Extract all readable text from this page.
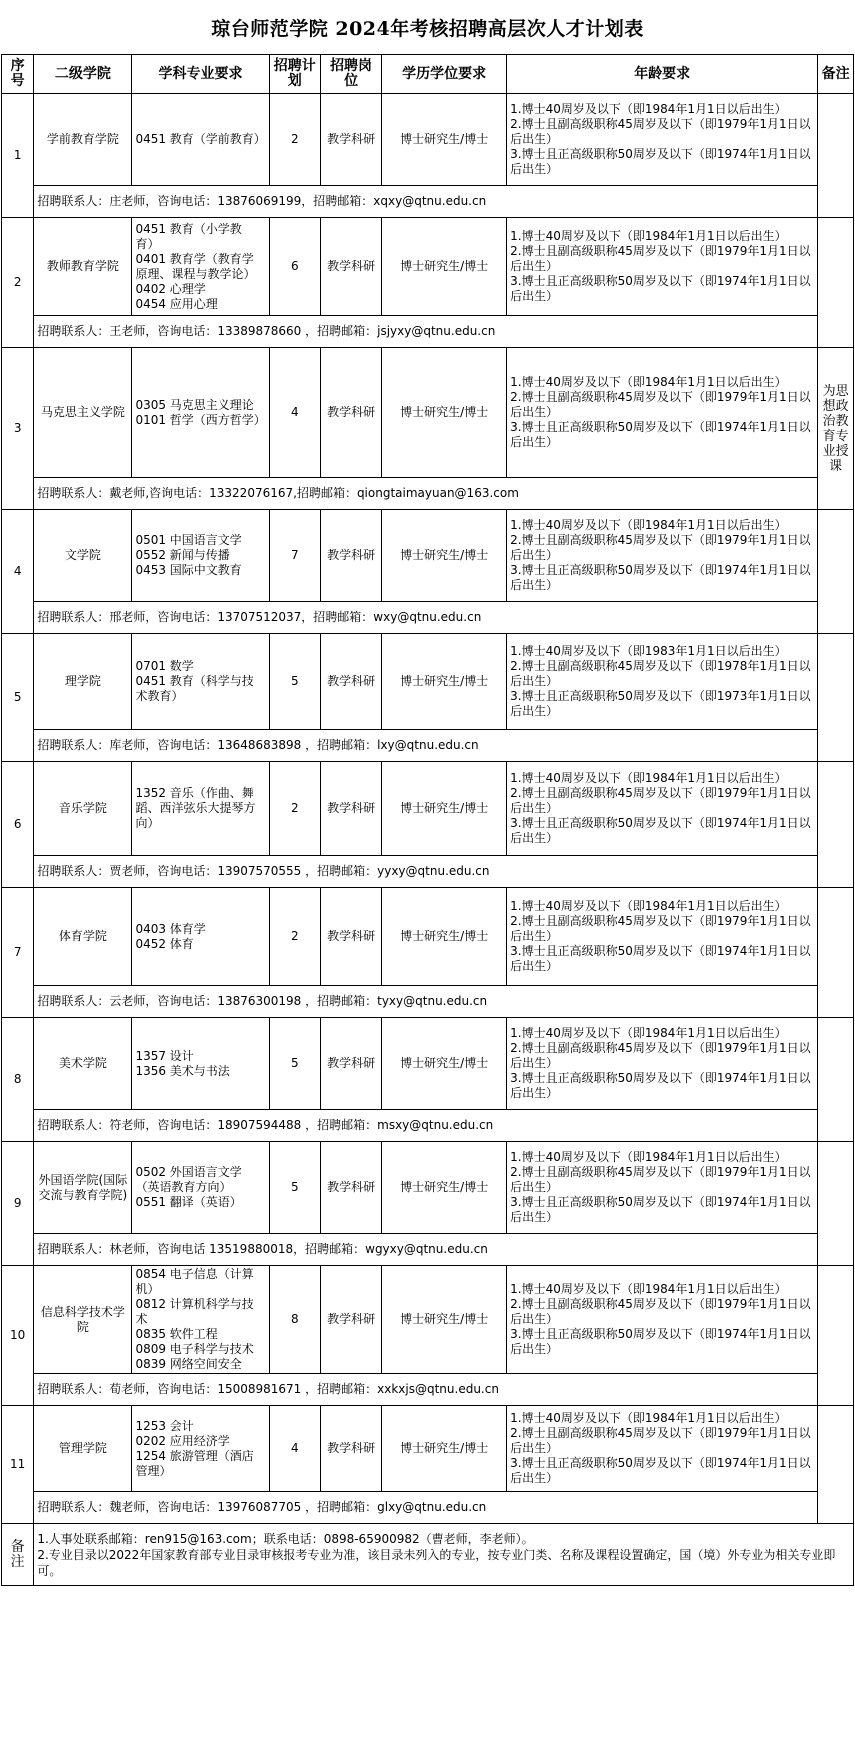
琼台师范学院 2024年考核招聘高层次人才计划表
序号	二级学院	学科专业要求	招聘计划	招聘岗位	学历学位要求	年龄要求	备注
1	学前教育学院	0451 教育（学前教育）	2	教学科研	博士研究生/博士	1.博士40周岁及以下（即1984年1月1日以后出生）
2.博士且副高级职称45周岁及以下（即1979年1月1日以后出生）
3.博士且正高级职称50周岁及以下（即1974年1月1日以后出生）	
	招聘联系人：庄老师，咨询电话：13876069199，招聘邮箱：xqxy@qtnu.edu.cn						
2	教师教育学院	0451 教育（小学教育）
0401 教育学（教育学原理、课程与教学论）
0402 心理学
0454 应用心理	6	教学科研	博士研究生/博士	1.博士40周岁及以下（即1984年1月1日以后出生）
2.博士且副高级职称45周岁及以下（即1979年1月1日以后出生）
3.博士且正高级职称50周岁及以下（即1974年1月1日以后出生）	
	招聘联系人：王老师，咨询电话：13389878660 ，招聘邮箱：jsjyxy@qtnu.edu.cn						
3	马克思主义学院	0305 马克思主义理论
0101 哲学（西方哲学）	4	教学科研	博士研究生/博士	1.博士40周岁及以下（即1984年1月1日以后出生）
2.博士且副高级职称45周岁及以下（即1979年1月1日以后出生）
3.博士且正高级职称50周岁及以下（即1974年1月1日以后出生）	为思想政治教育专业授课
	招聘联系人：戴老师,咨询电话：13322076167,招聘邮箱：qiongtaimayuan@163.com						
4	文学院	0501 中国语言文学
0552 新闻与传播
0453 国际中文教育	7	教学科研	博士研究生/博士	1.博士40周岁及以下（即1984年1月1日以后出生）
2.博士且副高级职称45周岁及以下（即1979年1月1日以后出生）
3.博士且正高级职称50周岁及以下（即1974年1月1日以后出生）	
	招聘联系人：邢老师，咨询电话：13707512037，招聘邮箱：wxy@qtnu.edu.cn						
5	理学院	0701 数学
0451 教育（科学与技术教育）	5	教学科研	博士研究生/博士	1.博士40周岁及以下（即1983年1月1日以后出生）
2.博士且副高级职称45周岁及以下（即1978年1月1日以后出生）
3.博士且正高级职称50周岁及以下（即1973年1月1日以后出生）	
	招聘联系人：库老师，咨询电话：13648683898 ，招聘邮箱：lxy@qtnu.edu.cn						
6	音乐学院	1352 音乐（作曲、舞蹈、西洋弦乐大提琴方向）	2	教学科研	博士研究生/博士	1.博士40周岁及以下（即1984年1月1日以后出生）
2.博士且副高级职称45周岁及以下（即1979年1月1日以后出生）
3.博士且正高级职称50周岁及以下（即1974年1月1日以后出生）	
	招聘联系人：贾老师，咨询电话：13907570555 ，招聘邮箱：yyxy@qtnu.edu.cn						
7	体育学院	0403 体育学
0452 体育	2	教学科研	博士研究生/博士	1.博士40周岁及以下（即1984年1月1日以后出生）
2.博士且副高级职称45周岁及以下（即1979年1月1日以后出生）
3.博士且正高级职称50周岁及以下（即1974年1月1日以后出生）	
	招聘联系人：云老师，咨询电话：13876300198 ，招聘邮箱：tyxy@qtnu.edu.cn						
8	美术学院	1357 设计
1356 美术与书法	5	教学科研	博士研究生/博士	1.博士40周岁及以下（即1984年1月1日以后出生）
2.博士且副高级职称45周岁及以下（即1979年1月1日以后出生）
3.博士且正高级职称50周岁及以下（即1974年1月1日以后出生）	
	招聘联系人：符老师，咨询电话：18907594488 ，招聘邮箱：msxy@qtnu.edu.cn						
9	外国语学院(国际交流与教育学院)	0502 外国语言文学（英语教育方向）
0551 翻译（英语）	5	教学科研	博士研究生/博士	1.博士40周岁及以下（即1984年1月1日以后出生）
2.博士且副高级职称45周岁及以下（即1979年1月1日以后出生）
3.博士且正高级职称50周岁及以下（即1974年1月1日以后出生）	
	招聘联系人：林老师，咨询电话 13519880018，招聘邮箱：wgyxy@qtnu.edu.cn						
10	信息科学技术学院	0854 电子信息（计算机）
0812 计算机科学与技术
0835 软件工程
0809 电子科学与技术
0839 网络空间安全	8	教学科研	博士研究生/博士	1.博士40周岁及以下（即1984年1月1日以后出生）
2.博士且副高级职称45周岁及以下（即1979年1月1日以后出生）
3.博士且正高级职称50周岁及以下（即1974年1月1日以后出生）	
	招聘联系人：荀老师，咨询电话：15008981671 ，招聘邮箱：xxkxjs@qtnu.edu.cn						
11	管理学院	1253 会计
0202 应用经济学
1254 旅游管理（酒店管理）	4	教学科研	博士研究生/博士	1.博士40周岁及以下（即1984年1月1日以后出生）
2.博士且副高级职称45周岁及以下（即1979年1月1日以后出生）
3.博士且正高级职称50周岁及以下（即1974年1月1日以后出生）	
	招聘联系人：魏老师，咨询电话：13976087705 ，招聘邮箱：glxy@qtnu.edu.cn						
备注	1.人事处联系邮箱：ren915@163.com；联系电话：0898-65900982（曹老师，李老师）。
2.专业目录以2022年国家教育部专业目录审核报考专业为准，该目录未列入的专业，按专业门类、名称及课程设置确定，国（境）外专业为相关专业即可。						
